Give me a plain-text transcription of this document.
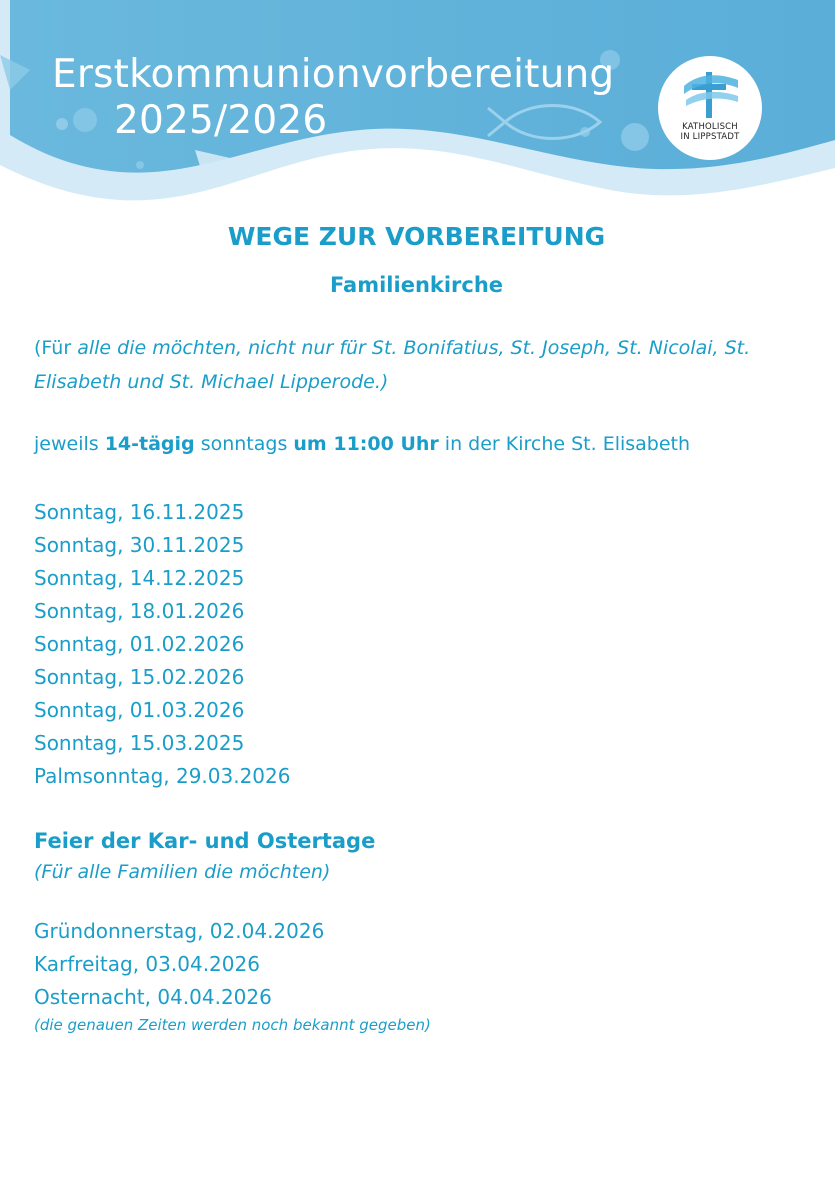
Erstkommunionvorbereitung
2025/2026	KATHOLISCH
IN LIPPSTADT
WEGE ZUR VORBEREITUNG
Familienkirche
(Für alle die möchten, nicht nur für St. Bonifatius, St. Joseph, St. Nicolai, St. Elisabeth und St. Michael Lipperode.)
jeweils 14-tägig sonntags um 11:00 Uhr in der Kirche St. Elisabeth
Sonntag, 16.11.2025
Sonntag, 30.11.2025
Sonntag, 14.12.2025
Sonntag, 18.01.2026
Sonntag, 01.02.2026
Sonntag, 15.02.2026
Sonntag, 01.03.2026
Sonntag, 15.03.2025
Palmsonntag, 29.03.2026
Feier der Kar- und Ostertage
(Für alle Familien die möchten)
Gründonnerstag, 02.04.2026
Karfreitag, 03.04.2026
Osternacht, 04.04.2026
(die genauen Zeiten werden noch bekannt gegeben)
